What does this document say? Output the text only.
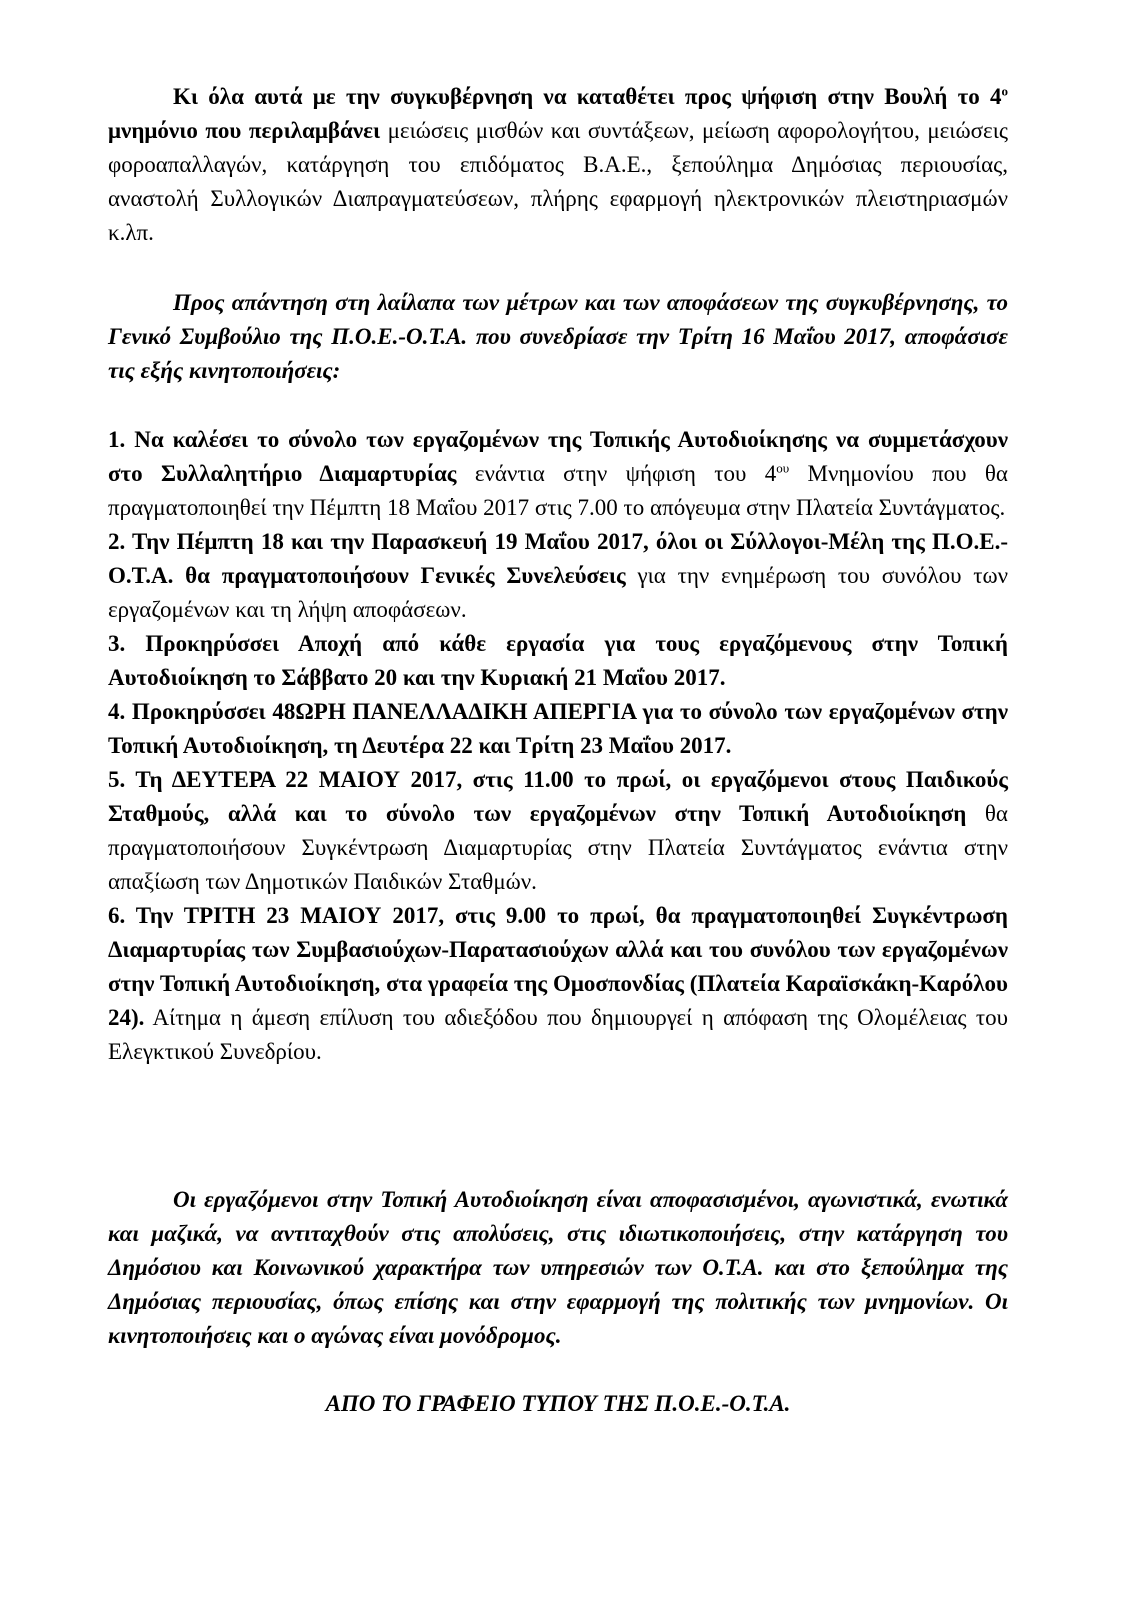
Κι όλα αυτά με την συγκυβέρνηση να καταθέτει προς ψήφιση στην Βουλή το $4^o$ μνημόνιο που περιλαμβάνει μειώσεις μισθών και συντάξεων, μείωση αφορολογήτου, μειώσεις φοροαπαλλαγών, κατάργηση του επιδόματος Β.Α.Ε., ξεπούλημα Δημόσιας περιουσίας, αναστολή Συλλογικών Διαπραγματεύσεων, πλήρης εφαρμογή ηλεκτρονικών πλειστηριασμών κ.λπ.

Προς απάντηση στη λαίλαπα των μέτρων και των αποφάσεων της συγκυβέρνησης, το Γενικό Συμβούλιο της Π.Ο.Ε.-Ο.Τ.Α. που συνεδρίασε την Τρίτη 16 Μαΐου 2017, αποφάσισε τις εξής κινητοποιήσεις:

1. Να καλέσει το σύνολο των εργαζομένων της Τοπικής Αυτοδιοίκησης να συμμετάσχουν στο Συλλαλητήριο Διαμαρτυρίας ενάντια στην ψήφιση του $4^{o\upsilon}$ Μνημονίου που θα πραγματοποιηθεί την Πέμπτη 18 Μαΐου 2017 στις 7.00 το απόγευμα στην Πλατεία Συντάγματος.

2. Την Πέμπτη 18 και την Παρασκευή 19 Μαΐου 2017, όλοι οι Σύλλογοι-Μέλη της Π.Ο.Ε.-Ο.Τ.Α. θα πραγματοποιήσουν Γενικές Συνελεύσεις για την ενημέρωση του συνόλου των εργαζομένων και τη λήψη αποφάσεων.

3. Προκηρύσσει Αποχή από κάθε εργασία για τους εργαζόμενους στην Τοπική Αυτοδιοίκηση το Σάββατο 20 και την Κυριακή 21 Μαΐου 2017.

4. Προκηρύσσει 48ΩΡΗ ΠΑΝΕΛΛΑΔΙΚΗ ΑΠΕΡΓΙΑ για το σύνολο των εργαζομένων στην Τοπική Αυτοδιοίκηση, τη Δευτέρα 22 και Τρίτη 23 Μαΐου 2017.

5. Τη ΔΕΥΤΕΡΑ 22 ΜΑΙΟΥ 2017, στις 11.00 το πρωί, οι εργαζόμενοι στους Παιδικούς Σταθμούς, αλλά και το σύνολο των εργαζομένων στην Τοπική Αυτοδιοίκηση θα πραγματοποιήσουν Συγκέντρωση Διαμαρτυρίας στην Πλατεία Συντάγματος ενάντια στην απαξίωση των Δημοτικών Παιδικών Σταθμών.

6. Την ΤΡΙΤΗ 23 ΜΑΙΟΥ 2017, στις 9.00 το πρωί, θα πραγματοποιηθεί Συγκέντρωση Διαμαρτυρίας των Συμβασιούχων-Παρατασιούχων αλλά και του συνόλου των εργαζομένων στην Τοπική Αυτοδιοίκηση, στα γραφεία της Ομοσπονδίας (Πλατεία Καραϊσκάκη-Καρόλου 24). Αίτημα η άμεση επίλυση του αδιεξόδου που δημιουργεί η απόφαση της Ολομέλειας του Ελεγκτικού Συνεδρίου.

Οι εργαζόμενοι στην Τοπική Αυτοδιοίκηση είναι αποφασισμένοι, αγωνιστικά, ενωτικά και μαζικά, να αντιταχθούν στις απολύσεις, στις ιδιωτικοποιήσεις, στην κατάργηση του Δημόσιου και Κοινωνικού χαρακτήρα των υπηρεσιών των Ο.Τ.Α. και στο ξεπούλημα της Δημόσιας περιουσίας, όπως επίσης και στην εφαρμογή της πολιτικής των μνημονίων. Οι κινητοποιήσεις και ο αγώνας είναι μονόδρομος.

ΑΠΟ ΤΟ ΓΡΑΦΕΙΟ ΤΥΠΟΥ ΤΗΣ Π.Ο.Ε.-Ο.Τ.Α.
